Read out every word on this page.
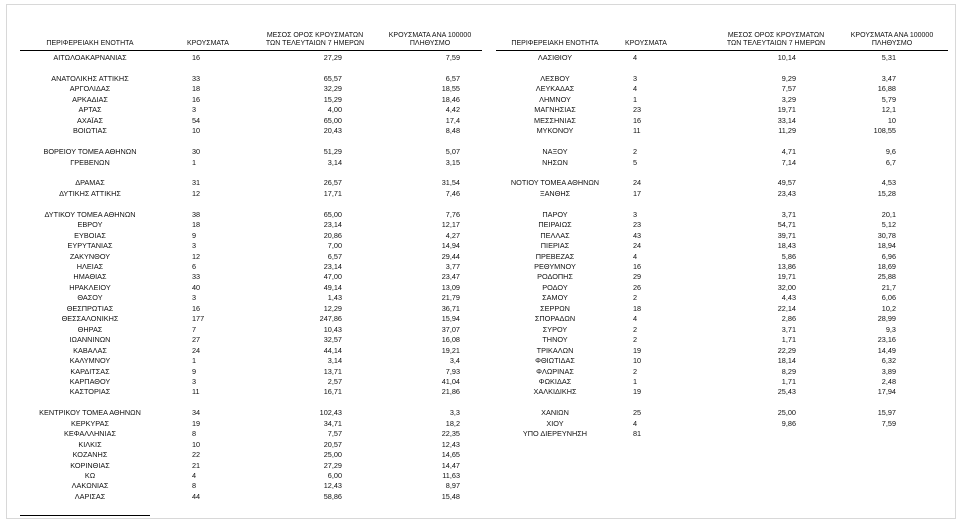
ΠΕΡΙΦΕΡΕΙΑΚΗ ΕΝΟΤΗΤΑ	ΚΡΟΥΣΜΑΤΑ
ΜΕΣΟΣ ΟΡΟΣ ΚΡΟΥΣΜΑΤΩΝ
ΤΩΝ ΤΕΛΕΥΤΑΙΩΝ 7 ΗΜΕΡΩΝ
ΚΡΟΥΣΜΑΤΑ ΑΝΑ 100000
ΠΛΗΘΥΣΜΟ
ΑΙΤΩΛΟΑΚΑΡΝΑΝΙΑΣ	16	27,29	7,59
ΑΝΑΤΟΛΙΚΗΣ ΑΤΤΙΚΗΣ	33	65,57	6,57
ΑΡΓΟΛΙΔΑΣ	18	32,29	18,55
ΑΡΚΑΔΙΑΣ	16	15,29	18,46
ΑΡΤΑΣ	3	4,00	4,42
ΑΧΑΪΑΣ	54	65,00	17,4
ΒΟΙΩΤΙΑΣ	10	20,43	8,48
ΒΟΡΕΙΟΥ ΤΟΜΕΑ ΑΘΗΝΩΝ	30	51,29	5,07
ΓΡΕΒΕΝΩΝ	1	3,14	3,15
ΔΡΑΜΑΣ	31	26,57	31,54
ΔΥΤΙΚΗΣ ΑΤΤΙΚΗΣ	12	17,71	7,46
ΔΥΤΙΚΟΥ ΤΟΜΕΑ ΑΘΗΝΩΝ	38	65,00	7,76
ΕΒΡΟΥ	18	23,14	12,17
ΕΥΒΟΙΑΣ	9	20,86	4,27
ΕΥΡΥΤΑΝΙΑΣ	3	7,00	14,94
ΖΑΚΥΝΘΟΥ	12	6,57	29,44
ΗΛΕΙΑΣ	6	23,14	3,77
ΗΜΑΘΙΑΣ	33	47,00	23,47
ΗΡΑΚΛΕΙΟΥ	40	49,14	13,09
ΘΑΣΟΥ	3	1,43	21,79
ΘΕΣΠΡΩΤΙΑΣ	16	12,29	36,71
ΘΕΣΣΑΛΟΝΙΚΗΣ	177	247,86	15,94
ΘΗΡΑΣ	7	10,43	37,07
ΙΩΑΝΝΙΝΩΝ	27	32,57	16,08
ΚΑΒΑΛΑΣ	24	44,14	19,21
ΚΑΛΥΜΝΟΥ	1	3,14	3,4
ΚΑΡΔΙΤΣΑΣ	9	13,71	7,93
ΚΑΡΠΑΘΟΥ	3	2,57	41,04
ΚΑΣΤΟΡΙΑΣ	11	16,71	21,86
ΚΕΝΤΡΙΚΟΥ ΤΟΜΕΑ ΑΘΗΝΩΝ	34	102,43	3,3
ΚΕΡΚΥΡΑΣ	19	34,71	18,2
ΚΕΦΑΛΛΗΝΙΑΣ	8	7,57	22,35
ΚΙΛΚΙΣ	10	20,57	12,43
ΚΟΖΑΝΗΣ	22	25,00	14,65
ΚΟΡΙΝΘΙΑΣ	21	27,29	14,47
ΚΩ	4	6,00	11,63
ΛΑΚΩΝΙΑΣ	8	12,43	8,97
ΛΑΡΙΣΑΣ	44	58,86	15,48
ΠΕΡΙΦΕΡΕΙΑΚΗ ΕΝΟΤΗΤΑ	ΚΡΟΥΣΜΑΤΑ
ΜΕΣΟΣ ΟΡΟΣ ΚΡΟΥΣΜΑΤΩΝ
ΤΩΝ ΤΕΛΕΥΤΑΙΩΝ 7 ΗΜΕΡΩΝ
ΚΡΟΥΣΜΑΤΑ ΑΝΑ 100000
ΠΛΗΘΥΣΜΟ
ΛΑΣΙΘΙΟΥ	4	10,14	5,31
ΛΕΣΒΟΥ	3	9,29	3,47
ΛΕΥΚΑΔΑΣ	4	7,57	16,88
ΛΗΜΝΟΥ	1	3,29	5,79
ΜΑΓΝΗΣΙΑΣ	23	19,71	12,1
ΜΕΣΣΗΝΙΑΣ	16	33,14	10
ΜΥΚΟΝΟΥ	11	11,29	108,55
ΝΑΞΟΥ	2	4,71	9,6
ΝΗΣΩΝ	5	7,14	6,7
ΝΟΤΙΟΥ ΤΟΜΕΑ ΑΘΗΝΩΝ	24	49,57	4,53
ΞΑΝΘΗΣ	17	23,43	15,28
ΠΑΡΟΥ	3	3,71	20,1
ΠΕΙΡΑΙΩΣ	23	54,71	5,12
ΠΕΛΛΑΣ	43	39,71	30,78
ΠΙΕΡΙΑΣ	24	18,43	18,94
ΠΡΕΒΕΖΑΣ	4	5,86	6,96
ΡΕΘΥΜΝΟΥ	16	13,86	18,69
ΡΟΔΟΠΗΣ	29	19,71	25,88
ΡΟΔΟΥ	26	32,00	21,7
ΣΑΜΟΥ	2	4,43	6,06
ΣΕΡΡΩΝ	18	22,14	10,2
ΣΠΟΡΑΔΩΝ	4	2,86	28,99
ΣΥΡΟΥ	2	3,71	9,3
ΤΗΝΟΥ	2	1,71	23,16
ΤΡΙΚΑΛΩΝ	19	22,29	14,49
ΦΘΙΩΤΙΔΑΣ	10	18,14	6,32
ΦΛΩΡΙΝΑΣ	2	8,29	3,89
ΦΩΚΙΔΑΣ	1	1,71	2,48
ΧΑΛΚΙΔΙΚΗΣ	19	25,43	17,94
ΧΑΝΙΩΝ	25	25,00	15,97
ΧΙΟΥ	4	9,86	7,59
ΥΠΟ ΔΙΕΡΕΥΝΗΣΗ	81
